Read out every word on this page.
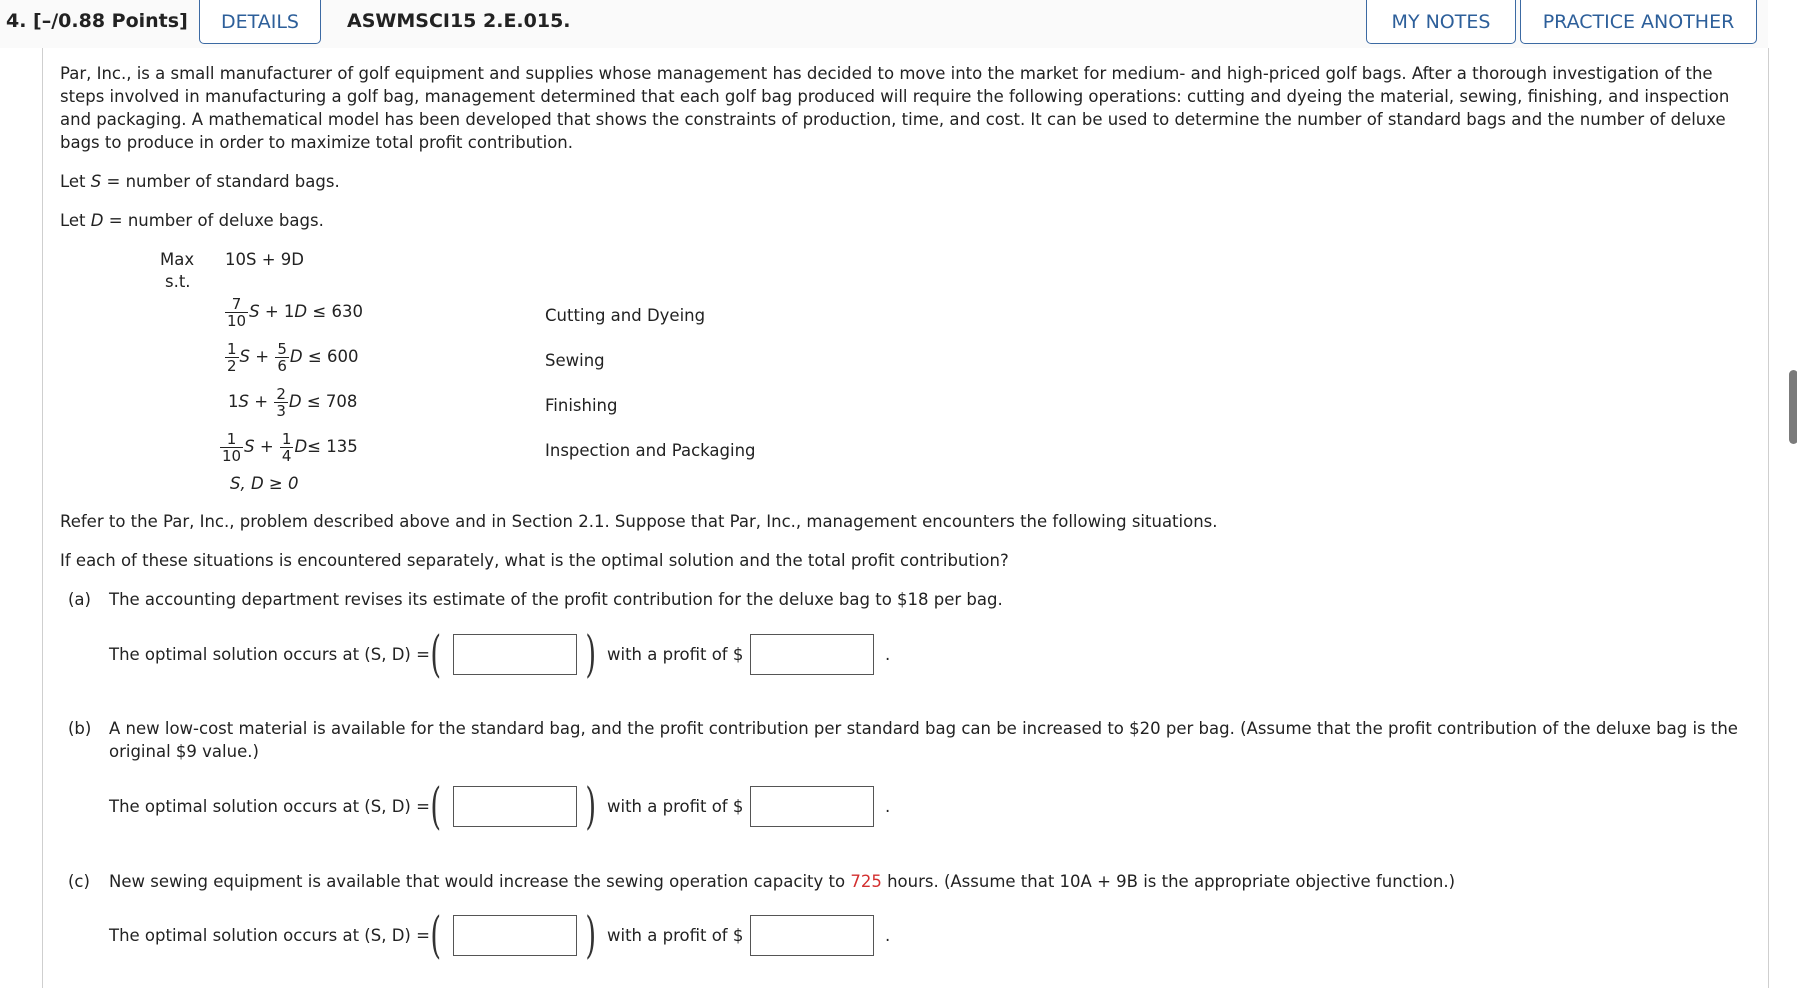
4. [–/0.88 Points]	DETAILS	ASWMSCI15 2.E.015.	MY NOTES	PRACTICE ANOTHER

Par, Inc., is a small manufacturer of golf equipment and supplies whose management has decided to move into the market for medium- and high-priced golf bags. After a thorough investigation of the steps involved in manufacturing a golf bag, management determined that each golf bag produced will require the following operations: cutting and dyeing the material, sewing, finishing, and inspection and packaging. A mathematical model has been developed that shows the constraints of production, time, and cost. It can be used to determine the number of standard bags and the number of deluxe bags to produce in order to maximize total profit contribution.

Let S = number of standard bags.
Let D = number of deluxe bags.
Max 10S + 9D
s.t.
$\frac{7}{10}$ S + 1D ≤ 630	Cutting and Dyeing
$\frac{1}{2}$ $S + \frac{5}{6}$ D ≤ 600	Sewing
$1S + \frac{2}{3}$ D ≤ 708	Finishing
$\frac{1}{10}$ $S + \frac{1}{4} D\le 135$	Inspection and Packaging
S, D ≥ 0
Refer to the Par, Inc., problem described above and in Section 2.1. Suppose that Par, Inc., management encounters the following situations.
If each of these situations is encountered separately, what is the optimal solution and the total profit contribution?
(a) The accounting department revises its estimate of the profit contribution for the deluxe bag to $18 per bag.
The optimal solution occurs at (S, D) = (	) with a profit of $	.
(b) A new low-cost material is available for the standard bag, and the profit contribution per standard bag can be increased to $20 per bag. (Assume that the profit contribution of the deluxe bag is the
original $9 value.)
The optimal solution occurs at (S, D) = (	) with a profit of $	.
(c) New sewing equipment is available that would increase the sewing operation capacity to 725 hours. (Assume that 10A + 9B is the appropriate objective function.)
The optimal solution occurs at (S, D) = (	) with a profit of $	.
